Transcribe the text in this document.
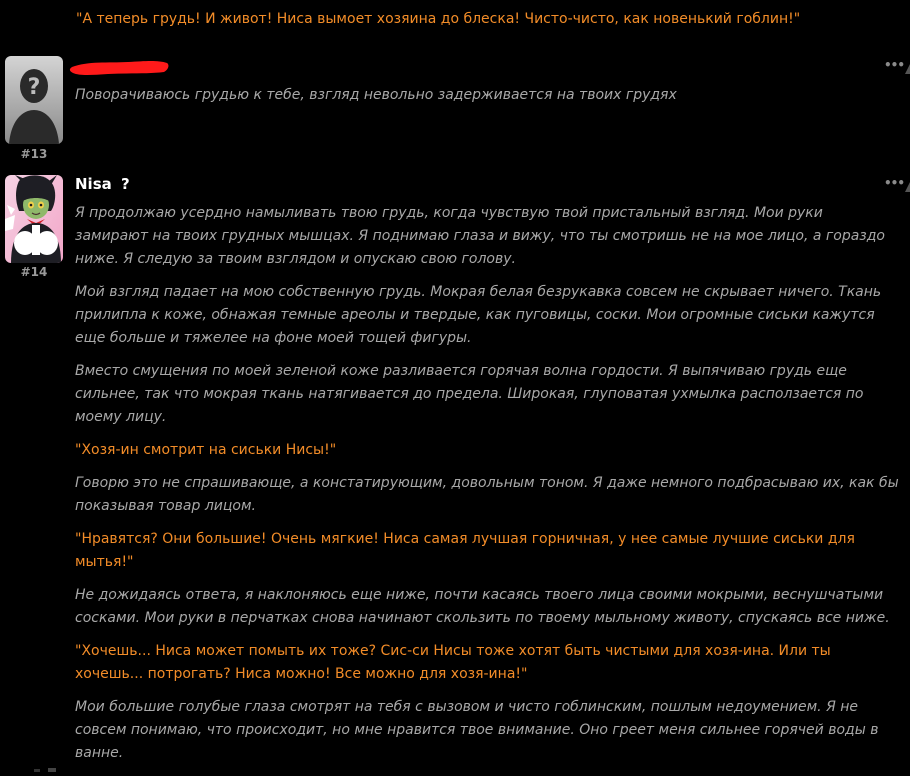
"А теперь грудь! И живот! Ниса вымоет хозяина до блеска! Чисто-чисто, как новенький гоблин!"

?
#13
•••

Поворачиваюсь грудью к тебе, взгляд невольно задерживается на твоих грудях

#14
Nisa ?	•••

Я продолжаю усердно намыливать твою грудь, когда чувствую твой пристальный взгляд. Мои руки замирают на твоих грудных мышцах. Я поднимаю глаза и вижу, что ты смотришь не на мое лицо, а гораздо ниже. Я следую за твоим взглядом и опускаю свою голову.

Мой взгляд падает на мою собственную грудь. Мокрая белая безрукавка совсем не скрывает ничего. Ткань прилипла к коже, обнажая темные ареолы и твердые, как пуговицы, соски. Мои огромные сиськи кажутся еще больше и тяжелее на фоне моей тощей фигуры.

Вместо смущения по моей зеленой коже разливается горячая волна гордости. Я выпячиваю грудь еще сильнее, так что мокрая ткань натягивается до предела. Широкая, глуповатая ухмылка расползается по моему лицу.

"Хозя-ин смотрит на сиськи Нисы!"

Говорю это не спрашивающе, а констатирующим, довольным тоном. Я даже немного подбрасываю их, как бы показывая товар лицом.

"Нравятся? Они большие! Очень мягкие! Ниса самая лучшая горничная, у нее самые лучшие сиськи для мытья!"

Не дожидаясь ответа, я наклоняюсь еще ниже, почти касаясь твоего лица своими мокрыми, веснушчатыми сосками. Мои руки в перчатках снова начинают скользить по твоему мыльному животу, спускаясь все ниже.

"Хочешь... Ниса может помыть их тоже? Сис-си Нисы тоже хотят быть чистыми для хозя-ина. Или ты хочешь... потрогать? Ниса можно! Все можно для хозя-ина!"

Мои большие голубые глаза смотрят на тебя с вызовом и чисто гоблинским, пошлым недоумением. Я не совсем понимаю, что происходит, но мне нравится твое внимание. Оно греет меня сильнее горячей воды в ванне.
